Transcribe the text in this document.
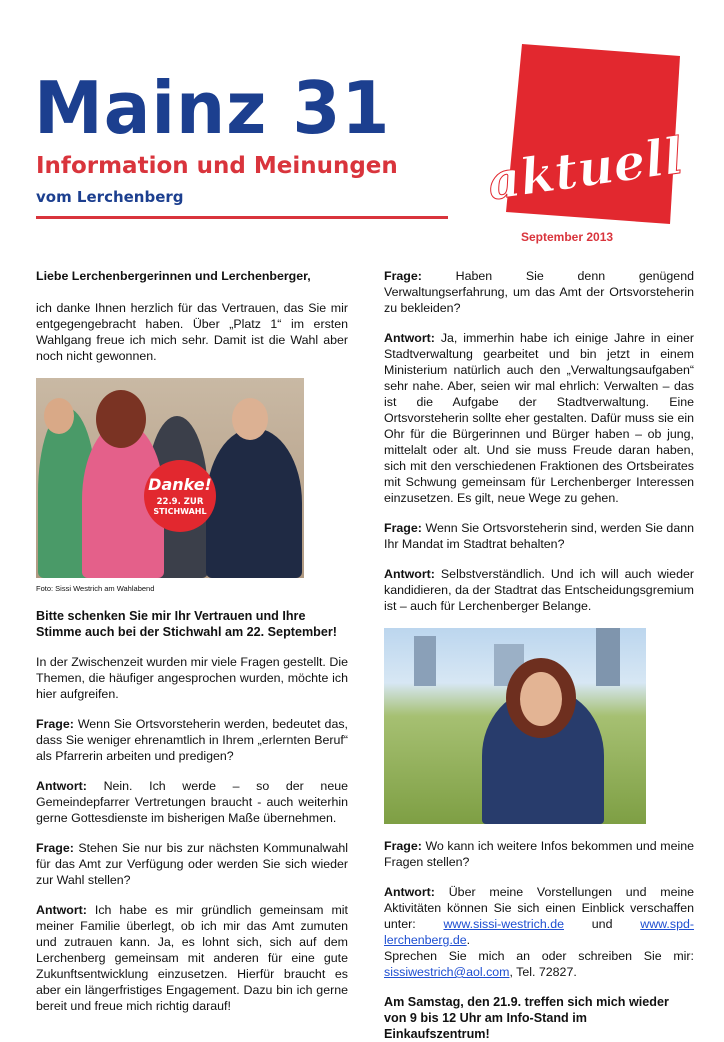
Mainz 31
Information und Meinungen
vom Lerchenberg	aktuell
September 2013
Liebe Lerchenbergerinnen und Lerchenberger,
ich danke Ihnen herzlich für das Vertrauen, das Sie mir entgegengebracht haben. Über „Platz 1“ im ersten Wahlgang freue ich mich sehr. Damit ist die Wahl aber noch nicht gewonnen.
Danke!
22.9. ZUR
STICHWAHL
Foto: Sissi Westrich am Wahlabend
Bitte schenken Sie mir Ihr Vertrauen und Ihre Stimme auch bei der Stichwahl am 22. September!
In der Zwischenzeit wurden mir viele Fragen gestellt. Die Themen, die häufiger angesprochen wurden, möchte ich hier aufgreifen.
Frage: Wenn Sie Ortsvorsteherin werden, bedeutet das, dass Sie weniger ehrenamtlich in Ihrem „erlernten Beruf“ als Pfarrerin arbeiten und predigen?
Antwort: Nein. Ich werde – so der neue Gemeindepfarrer Vertretungen braucht - auch weiterhin gerne Gottesdienste im bisherigen Maße übernehmen.
Frage: Stehen Sie nur bis zur nächsten Kommunalwahl für das Amt zur Verfügung oder werden Sie sich wieder zur Wahl stellen?
Antwort: Ich habe es mir gründlich gemeinsam mit meiner Familie überlegt, ob ich mir das Amt zumuten und zutrauen kann. Ja, es lohnt sich, sich auf dem Lerchenberg gemeinsam mit anderen für eine gute Zukunftsentwicklung einzusetzen. Hierfür braucht es aber ein längerfristiges Engagement. Dazu bin ich gerne bereit und freue mich richtig darauf!
Frage:	Haben Sie denn genügend Verwaltungserfahrung, um das Amt der Ortsvorsteherin zu bekleiden?
Antwort: Ja, immerhin habe ich einige Jahre in einer Stadtverwaltung gearbeitet und bin jetzt in einem Ministerium natürlich auch den „Verwaltungsaufgaben“ sehr nahe. Aber, seien wir mal ehrlich: Verwalten – das ist die Aufgabe der Stadtverwaltung. Eine Ortsvorsteherin sollte eher gestalten. Dafür muss sie ein Ohr für die Bürgerinnen und Bürger haben – ob jung, mittelalt oder alt. Und sie muss Freude daran haben, sich mit den verschiedenen Fraktionen des Ortsbeirates mit Schwung gemeinsam für Lerchenberger Interessen einzusetzen. Es gilt, neue Wege zu gehen.
Frage: Wenn Sie Ortsvorsteherin sind, werden Sie dann Ihr Mandat im Stadtrat behalten?
Antwort: Selbstverständlich. Und ich will auch wieder kandidieren, da der Stadtrat das Entscheidungsgremium ist – auch für Lerchenberger Belange.
Frage: Wo kann ich weitere Infos bekommen und meine Fragen stellen?
Antwort: Über meine Vorstellungen und meine Aktivitäten können Sie sich einen Einblick verschaffen unter: www.sissi-westrich.de und www.spd-lerchenberg.de.
Sprechen Sie mich an oder schreiben Sie mir: sissiwestrich@aol.com, Tel. 72827.
Am Samstag, den 21.9. treffen sich mich wieder von 9 bis 12 Uhr am Info-Stand im Einkaufszentrum!
